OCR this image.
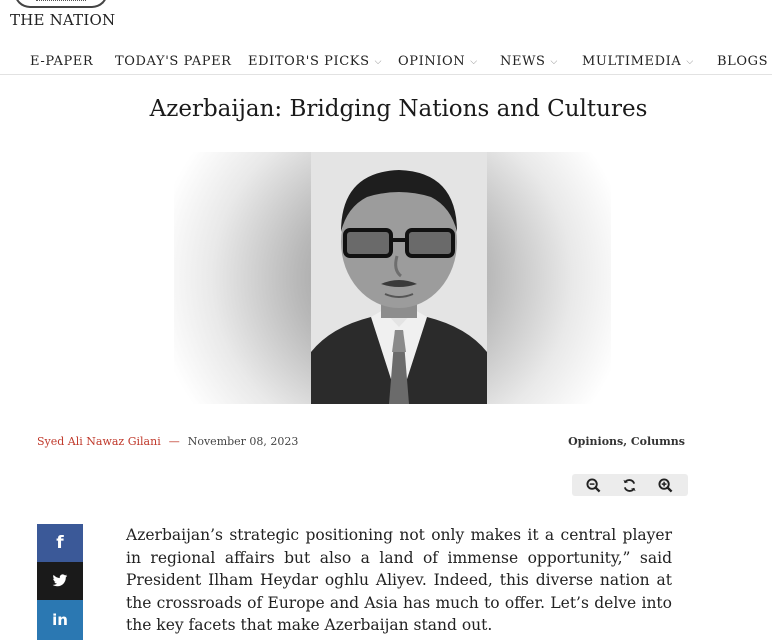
THE NATION
E-PAPER TODAY'S PAPER EDITOR'S PICKS ⌵ OPINION ⌵ NEWS ⌵ MULTIMEDIA ⌵ BLOGS
Azerbaijan: Bridging Nations and Cultures
Syed Ali Nawaz Gilani — November 08, 2023	Opinions, Columns
f
in
Azerbaijan’s strategic positioning not only makes it a central player in regional affairs but also a land of immense opportunity,” said President Ilham Heydar oghlu Aliyev. Indeed, this diverse nation at the crossroads of Europe and Asia has much to offer. Let’s delve into the key facets that make Azerbaijan stand out.
